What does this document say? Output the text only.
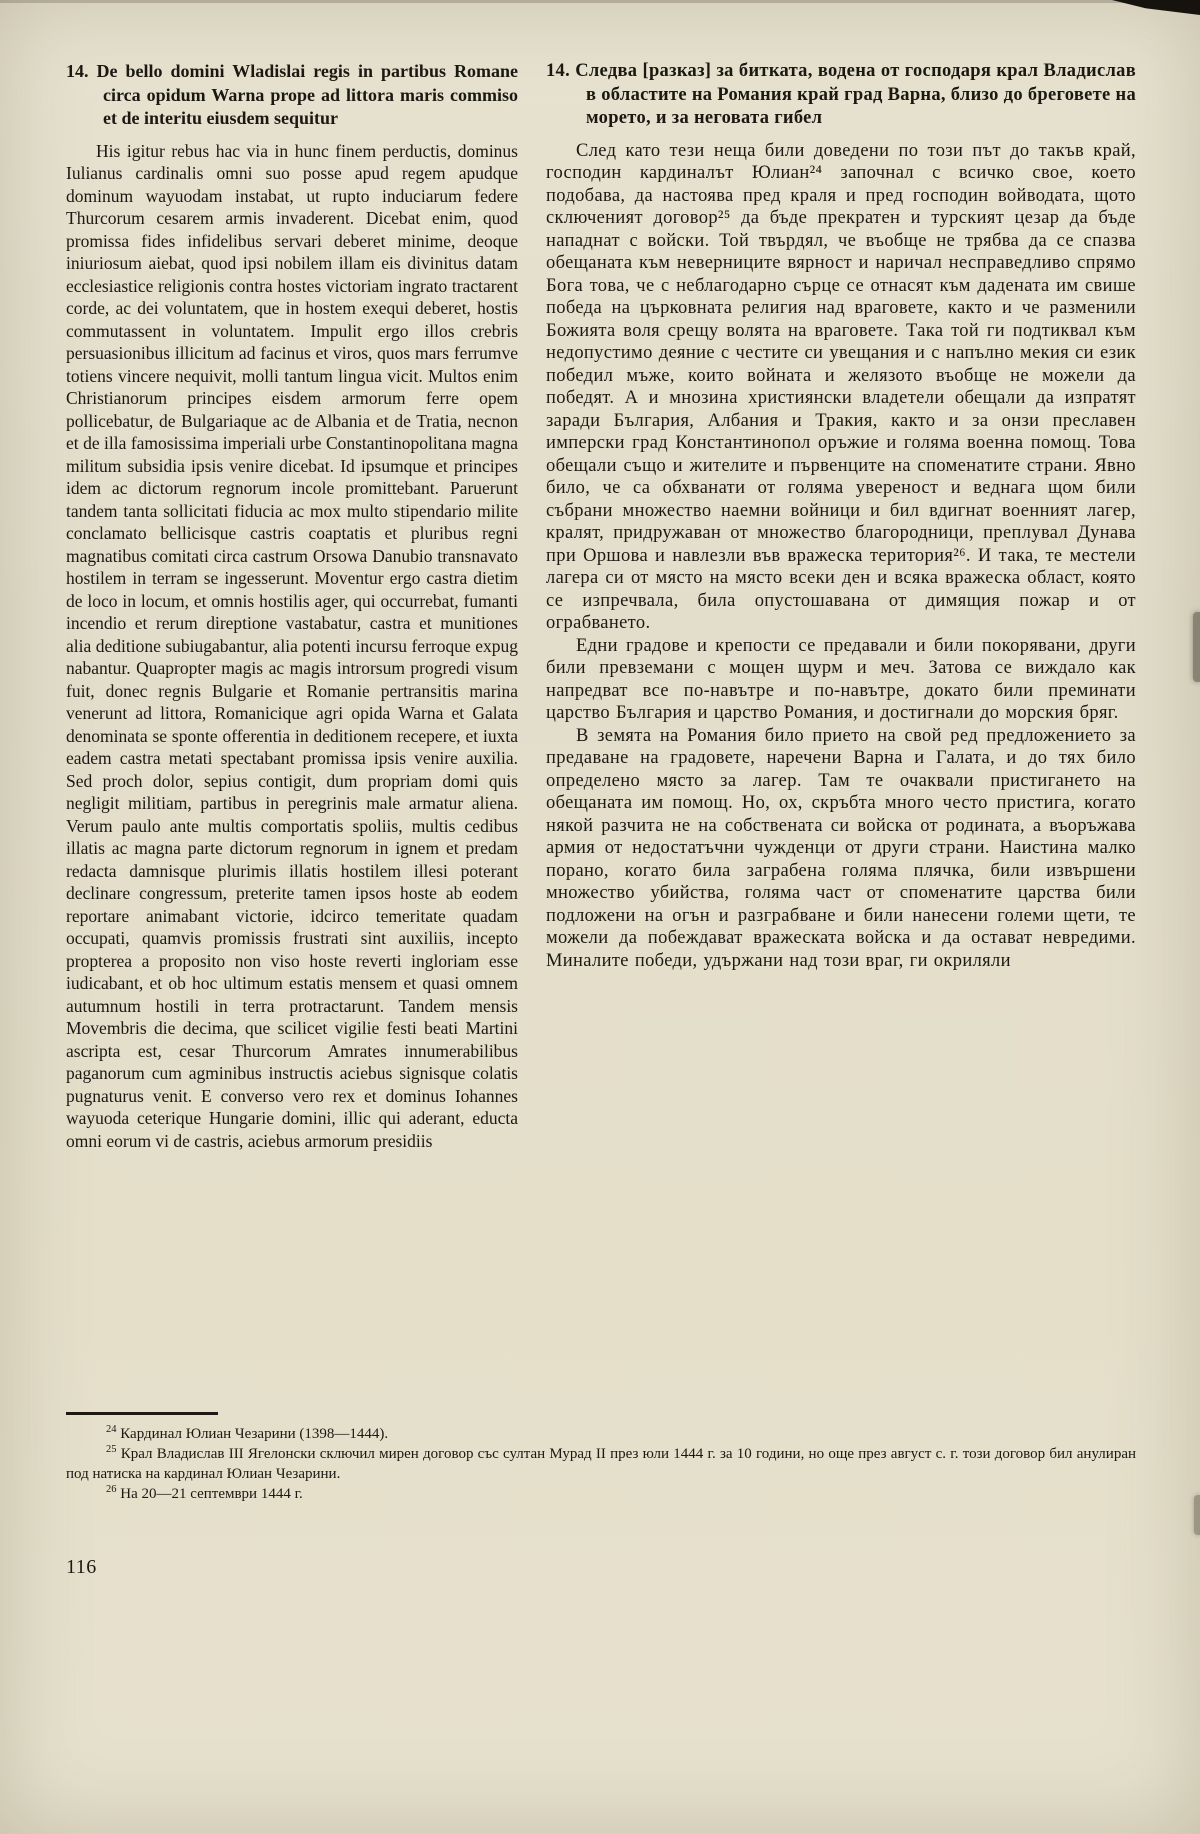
14. De bello domini Wladislai regis in partibus Romane circa opidum Warna prope ad littora maris commiso et de interitu eiusdem sequitur

His igitur rebus hac via in hunc finem perductis, dominus Iulianus cardinalis omni suo posse apud regem apudque dominum wayuodam instabat, ut rupto induciarum federe Thurcorum cesarem armis invaderent. Dicebat enim, quod promissa fides infidelibus servari deberet minime, deoque iniuriosum aiebat, quod ipsi nobilem illam eis divinitus datam ecclesiastice religionis contra hostes victoriam ingrato tractarent corde, ac dei voluntatem, que in hostem exequi deberet, hostis commutassent in voluntatem. Impulit ergo illos crebris persuasionibus illicitum ad facinus et viros, quos mars ferrumve totiens vincere nequivit, molli tantum lingua vicit. Multos enim Christianorum principes eisdem armorum ferre opem pollicebatur, de Bulgariaque ac de Albania et de Tratia, necnon et de illa famosissima imperiali urbe Constantinopolitana magna militum subsidia ipsis venire dicebat. Id ipsumque et principes idem ac dictorum regnorum incole promittebant. Paruerunt tandem tanta sollicitati fiducia ac mox multo stipendario milite conclamato bellicisque castris coaptatis et pluribus regni magnatibus comitati circa castrum Orsowa Danubio transnavato hostilem in terram se ingesserunt. Moventur ergo castra dietim de loco in locum, et omnis hostilis ager, qui occurrebat, fumanti incendio et rerum direptione vastabatur, castra et munitiones alia deditione subiugabantur, alia potenti incursu ferroque expug nabantur. Quapropter magis ac magis introrsum progredi visum fuit, donec regnis Bulgarie et Romanie pertransitis marina venerunt ad littora, Romanicique agri opida Warna et Galata denominata se sponte offerentia in deditionem recepere, et iuxta eadem castra metati spectabant promissa ipsis venire auxilia. Sed proch dolor, sepius contigit, dum propriam domi quis negligit militiam, partibus in peregrinis male armatur aliena. Verum paulo ante multis comportatis spoliis, multis cedibus illatis ac magna parte dictorum regnorum in ignem et predam redacta damnisque plurimis illatis hostilem illesi poterant declinare congressum, preterite tamen ipsos hoste ab eodem reportare animabant victorie, idcirco temeritate quadam occupati, quamvis promissis frustrati sint auxiliis, incepto propterea a proposito non viso hoste reverti ingloriam esse iudicabant, et ob hoc ultimum estatis mensem et quasi omnem autumnum hostili in terra protractarunt. Tandem mensis Movembris die decima, que scilicet vigilie festi beati Martini ascripta est, cesar Thurcorum Amrates innumerabilibus paganorum cum agminibus instructis aciebus signisque colatis pugnaturus venit. E converso vero rex et dominus Iohannes wayuoda ceterique Hungarie domini, illic qui aderant, educta omni eorum vi de castris, aciebus armorum presidiis

14. Следва [разказ] за битката, водена от господаря крал Владислав в областите на Романия край град Варна, близо до бреговете на морето, и за неговата гибел

След като тези неща били доведени по този път до такъв край, господин кардиналът Юлиан²⁴ започнал с всичко свое, което подобава, да настоява пред краля и пред господин войводата, щото сключеният договор²⁵ да бъде прекратен и турският цезар да бъде нападнат с войски. Той твърдял, че въобще не трябва да се спазва обещаната към неверниците вярност и наричал несправедливо спрямо Бога това, че с неблагодарно сърце се отнасят към дадената им свише победа на църковната религия над враговете, както и че разменили Божията воля срещу волята на враговете. Така той ги подтиквал към недопустимо деяние с честите си увещания и с напълно мекия си език победил мъже, които войната и желязото въобще не можели да победят. А и мнозина християнски владетели обещали да изпратят заради България, Албания и Тракия, както и за онзи преславен имперски град Константинопол оръжие и голяма военна помощ. Това обещали също и жителите и първенците на споменатите страни. Явно било, че са обхванати от голяма увереност и веднага щом били събрани множество наемни войници и бил вдигнат военният лагер, кралят, придружаван от множество благородници, преплувал Дунава при Оршова и навлезли във вражеска територия²⁶. И така, те местели лагера си от място на място всеки ден и всяка вражеска област, която се изпречвала, била опустошавана от димящия пожар и от ограбването.

Едни градове и крепости се предавали и били покорявани, други били превземани с мощен щурм и меч. Затова се виждало как напредват все по-навътре и по-навътре, докато били преминати царство България и царство Романия, и достигнали до морския бряг.

В земята на Романия било прието на свой ред предложението за предаване на градовете, наречени Варна и Галата, и до тях било определено място за лагер. Там те очаквали пристигането на обещаната им помощ. Но, ох, скръбта много често пристига, когато някой разчита не на собствената си войска от родината, а въоръжава армия от недостатъчни чужденци от други страни. Наистина малко порано, когато била заграбена голяма плячка, били извършени множество убийства, голяма част от споменатите царства били подложени на огън и разграбване и били нанесени големи щети, те можели да побеждават вражеската войска и да остават невредими. Миналите победи, удържани над този враг, ги окриляли

$^{24}$ Кардинал Юлиан Чезарини (1398—1444).

$^{25}$ Крал Владислав III Ягелонски сключил мирен договор със султан Мурад II през юли 1444 г. за 10 години, но още през август с. г. този договор бил анулиран под натиска на кардинал Юлиан Чезарини.

$^{26}$ На 20—21 септември 1444 г.

116
